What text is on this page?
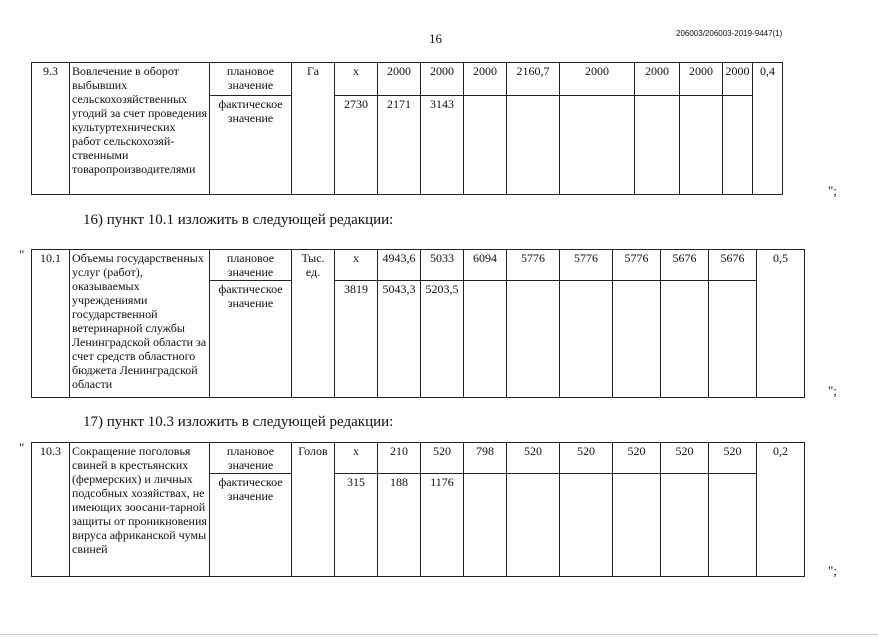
16	206003/206003-2019-9447(1)
9.3	Вовлечение в оборот выбывших сельскохозяйственных угодий за счет проведения культуртехнических работ сельскохозяй-ственными товаропроизводителями	плановое значение	Га	х	2000	2000	2000	2160,7	2000	2000	2000	2000	0,4
		фактическое значение		2730	2171	3143							
";
16) пункт 10.1 изложить в следующей редакции:
" 10.1	Объемы государственных услуг (работ), оказываемых учреждениями государственной ветеринарной службы Ленинградской области за счет средств областного бюджета Ленинградской области	плановое значение	Тыс. ед.	х	4943,6	5033	6094	5776	5776	5776	5676	5676	0,5
		фактическое значение		3819	5043,3	5203,5							
";
17) пункт 10.3 изложить в следующей редакции:
" 10.3	Сокращение поголовья свиней в крестьянских (фермерских) и личных подсобных хозяйствах, не имеющих зоосани-тарной защиты от проникновения вируса африканской чумы свиней	плановое значение	Голов	х	210	520	798	520	520	520	520	520	0,2
		фактическое значение		315	188	1176							
";
